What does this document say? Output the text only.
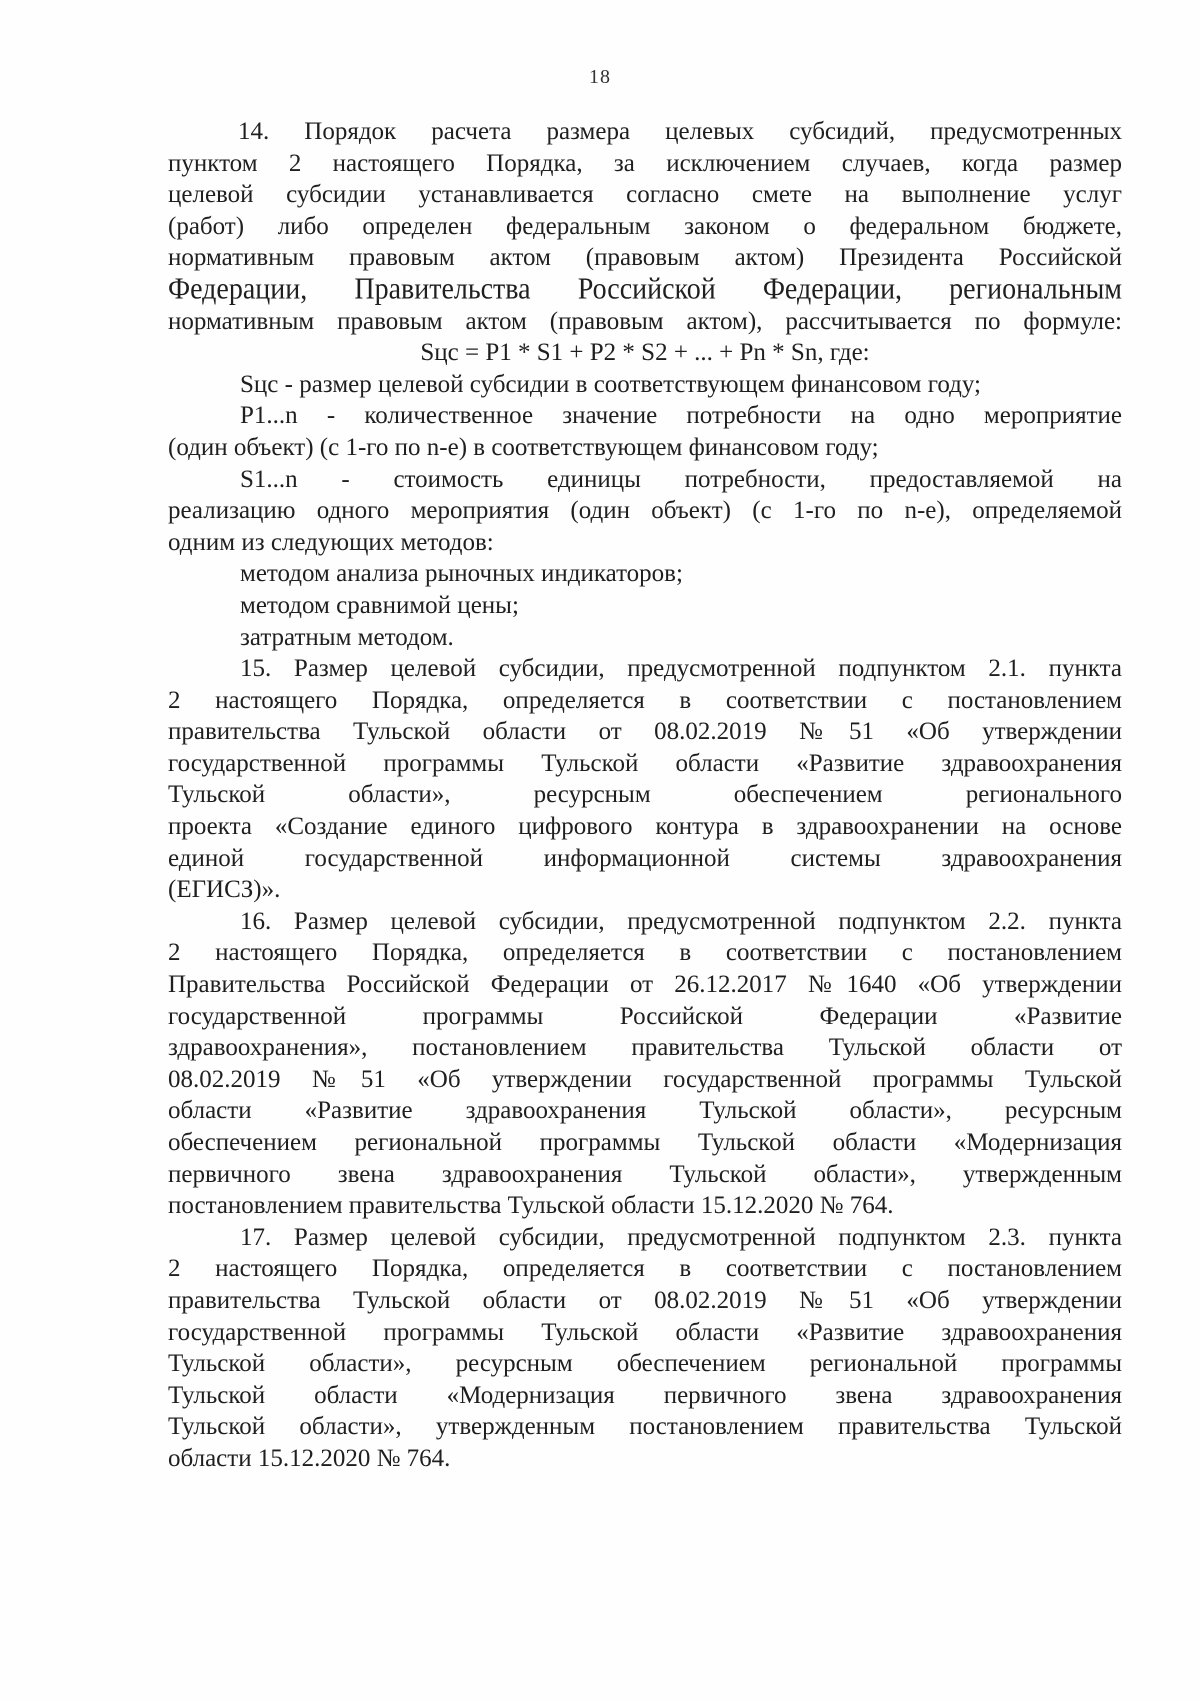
18
14. Порядок расчета размера целевых субсидий, предусмотренных
пунктом 2 настоящего Порядка, за исключением случаев, когда размер
целевой субсидии устанавливается согласно смете на выполнение услуг
(работ) либо определен федеральным законом о федеральном бюджете,
нормативным правовым актом (правовым актом) Президента Российской
Федерации, Правительства Российской Федерации, региональным
нормативным правовым актом (правовым актом), рассчитывается по формуле:
Sцс = P1 * S1 + P2 * S2 + ... + Pn * Sn, где:
Sцс - размер целевой субсидии в соответствующем финансовом году;
P1...n - количественное значение потребности на одно мероприятие
(один объект) (с 1-го по n-е) в соответствующем финансовом году;
S1...n - стоимость единицы потребности, предоставляемой на
реализацию одного мероприятия (один объект) (с 1-го по n-е), определяемой
одним из следующих методов:
методом анализа рыночных индикаторов;
методом сравнимой цены;
затратным методом.
15. Размер целевой субсидии, предусмотренной подпунктом 2.1. пункта
2 настоящего Порядка, определяется в соответствии с постановлением
правительства Тульской области от 08.02.2019 №51 «Об утверждении
государственной программы Тульской области «Развитие здравоохранения
Тульской области», ресурсным обеспечением регионального
проекта «Создание единого цифрового контура в здравоохранении на основе
единой государственной информационной системы здравоохранения
(ЕГИСЗ)».
16. Размер целевой субсидии, предусмотренной подпунктом 2.2. пункта
2 настоящего Порядка, определяется в соответствии с постановлением
Правительства Российской Федерации от 26.12.2017 №1640 «Об утверждении
государственной программы Российской Федерации «Развитие
здравоохранения», постановлением правительства Тульской области от
08.02.2019 №51 «Об утверждении государственной программы Тульской
области «Развитие здравоохранения Тульской области», ресурсным
обеспечением региональной программы Тульской области «Модернизация
первичного звена здравоохранения Тульской области», утвержденным
постановлением правительства Тульской области 15.12.2020 № 764.
17. Размер целевой субсидии, предусмотренной подпунктом 2.3. пункта
2 настоящего Порядка, определяется в соответствии с постановлением
правительства Тульской области от 08.02.2019 №51 «Об утверждении
государственной программы Тульской области «Развитие здравоохранения
Тульской области», ресурсным обеспечением региональной программы
Тульской области «Модернизация первичного звена здравоохранения
Тульской области», утвержденным постановлением правительства Тульской
области 15.12.2020 № 764.
